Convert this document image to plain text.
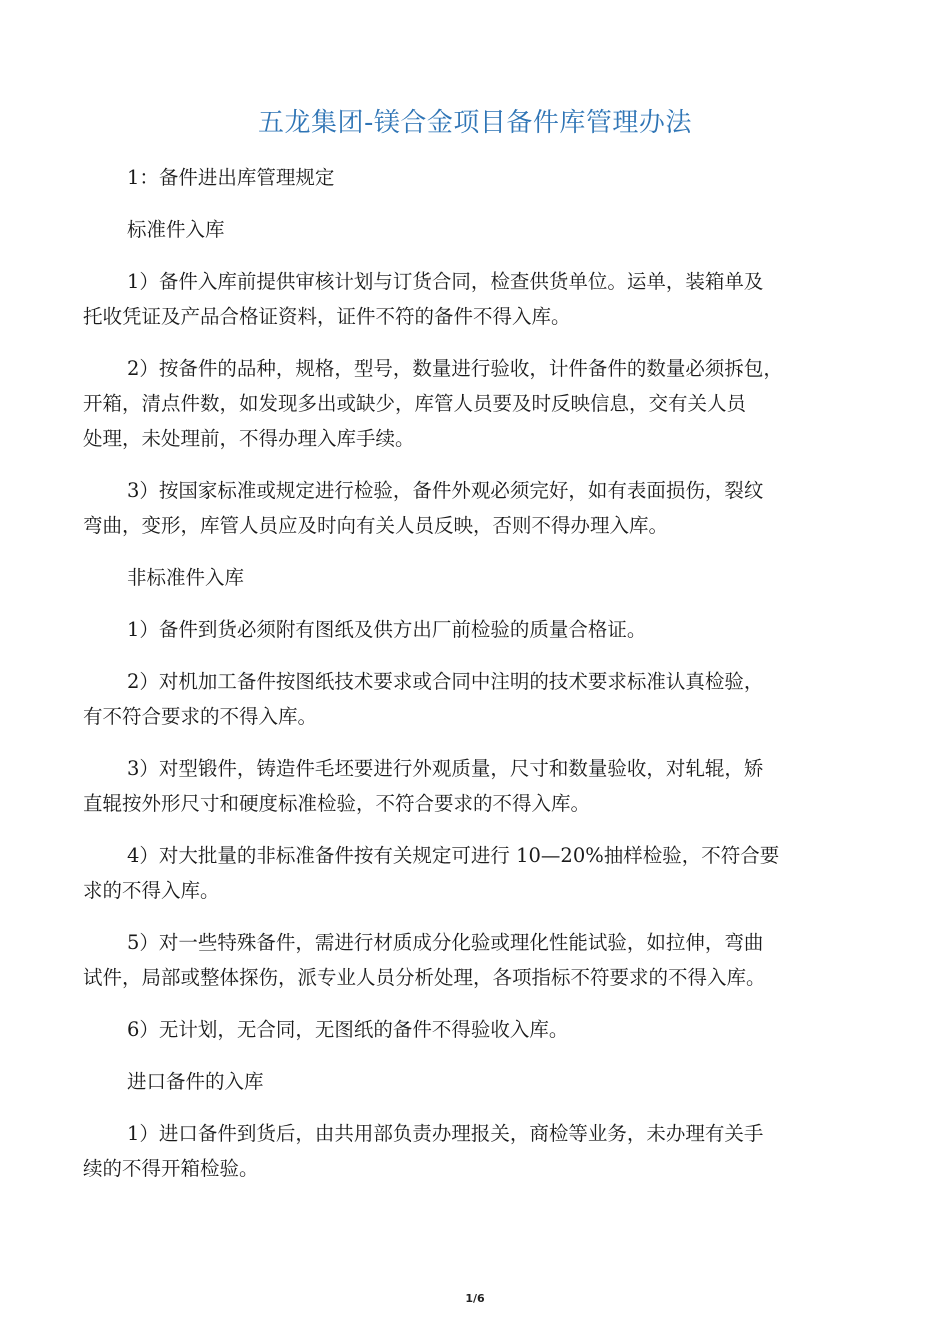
五龙集团-镁合金项目备件库管理办法

1：备件进出库管理规定

标准件入库

1）备件入库前提供审核计划与订货合同，检查供货单位。运单，装箱单及
托收凭证及产品合格证资料，证件不符的备件不得入库。

2）按备件的品种，规格，型号，数量进行验收，计件备件的数量必须拆包，
开箱，清点件数，如发现多出或缺少，库管人员要及时反映信息，交有关人员
处理，未处理前，不得办理入库手续。

3）按国家标准或规定进行检验，备件外观必须完好，如有表面损伤，裂纹
弯曲，变形，库管人员应及时向有关人员反映，否则不得办理入库。

非标准件入库

1）备件到货必须附有图纸及供方出厂前检验的质量合格证。

2）对机加工备件按图纸技术要求或合同中注明的技术要求标准认真检验，
有不符合要求的不得入库。

3）对型锻件，铸造件毛坯要进行外观质量，尺寸和数量验收，对轧辊，矫
直辊按外形尺寸和硬度标准检验，不符合要求的不得入库。

4）对大批量的非标准备件按有关规定可进行 10—20%抽样检验，不符合要
求的不得入库。

5）对一些特殊备件，需进行材质成分化验或理化性能试验，如拉伸，弯曲
试件，局部或整体探伤，派专业人员分析处理，各项指标不符要求的不得入库。

6）无计划，无合同，无图纸的备件不得验收入库。

进口备件的入库

1）进口备件到货后，由共用部负责办理报关，商检等业务，未办理有关手
续的不得开箱检验。

1/6
